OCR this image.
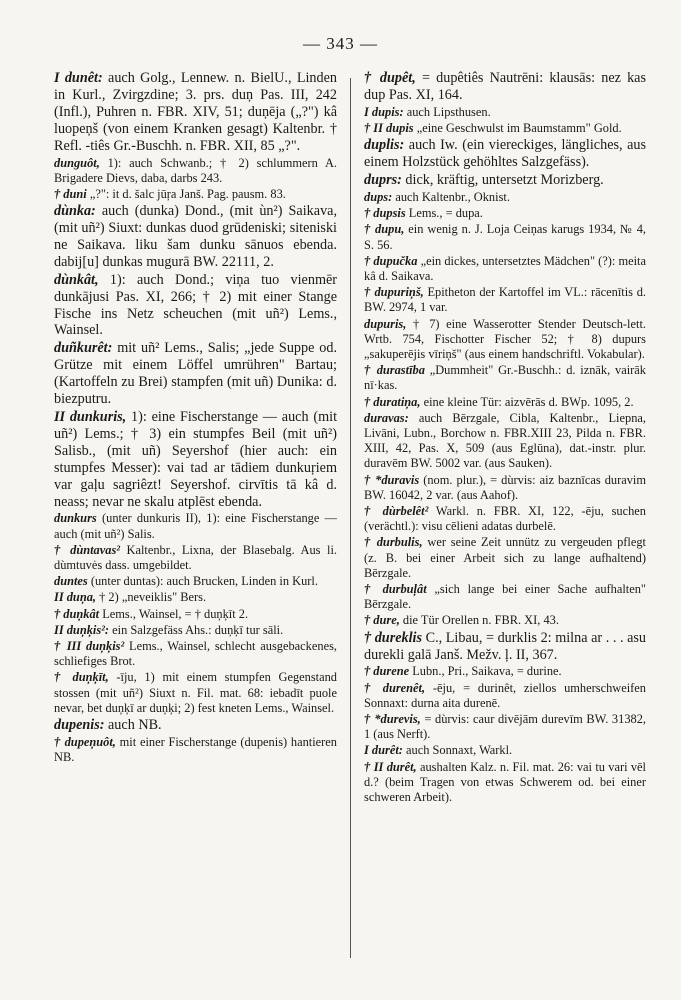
— 343 —

I dunêt: auch Golg., Lennew. n. BielU., Linden in Kurl., Zvirgzdine; 3. prs. duņ Pas. III, 242 (Infl.), Puhren n. FBR. XIV, 51; duņēja („?") kâ luopeņš (von einem Kranken gesagt) Kaltenbr. † Refl. -tiês Gr.-Buschh. n. FBR. XII, 85 „?".

dunguôt, 1): auch Schwanb.; † 2) schlummern A. Brigadere Dievs, daba, darbs 243.

† duni „?": it d. šalc jūŗa Janš. Pag. pausm. 83.

dùnka: auch (dunka) Dond., (mit ùn²) Saikava, (mit uñ²) Siuxt: dunkas duod grūdeniski; siteniski ne Saikava. liku šam dunku sānuos ebenda. dabij[u] dunkas mugurā BW. 22111, 2.

dùnkât, 1): auch Dond.; viņa tuo vienmēr dunkājusi Pas. XI, 266; † 2) mit einer Stange Fische ins Netz scheuchen (mit uñ²) Lems., Wainsel.

duñkurêt: mit uñ² Lems., Salis; „jede Suppe od. Grütze mit einem Löffel umrühren" Bartau; (Kartoffeln zu Brei) stampfen (mit uñ) Dunika: d. biezputru.

II dunkuris, 1): eine Fischerstange — auch (mit uñ²) Lems.; † 3) ein stumpfes Beil (mit uñ²) Salisb., (mit uñ) Seyershof (hier auch: ein stumpfes Messer): vai tad ar tādiem dunkuŗiem var gaļu sagriêzt! Seyershof. cirvītis tā kâ d. neass; nevar ne skalu atplēst ebenda.

dunkurs (unter dunkuris II), 1): eine Fischerstange — auch (mit uñ²) Salis.

† dùntavas² Kaltenbr., Lixna, der Blasebalg. Aus li. dùmtuvės dass. umgebildet.

duntes (unter duntas): auch Brucken, Linden in Kurl.

II duņa, † 2) „neveiklis" Bers.

† duņkât Lems., Wainsel, = † duņķīt 2.

II duņķis²: ein Salzgefäss Ahs.: duņķī tur sāli.

† III duņķis² Lems., Wainsel, schlecht ausgebackenes, schliefiges Brot.

† duņķīt, -īju, 1) mit einem stumpfen Gegenstand stossen (mit uñ²) Siuxt n. Fil. mat. 68: iebadīt puole nevar, bet duņķī ar duņķi; 2) fest kneten Lems., Wainsel.

dupenis: auch NB.

† dupeņuôt, mit einer Fischerstange (dupenis) hantieren NB.

† dupêt, = dupêtiês Nautrēni: klausās: nez kas dup Pas. XI, 164.

I dupis: auch Lipsthusen.

† II dupis „eine Geschwulst im Baumstamm" Gold.

duplis: auch Iw. (ein viereckiges, längliches, aus einem Holzstück gehöhltes Salzgefäss).

duprs: dick, kräftig, untersetzt Morizberg.

dups: auch Kaltenbr., Oknist.

† dupsis Lems., = dupa.

† dupu, ein wenig n. J. Loja Ceiņas karugs 1934, № 4, S. 56.

† dupučka „ein dickes, untersetztes Mädchen" (?): meita kâ d. Saikava.

† dupuriņš, Epitheton der Kartoffel im VL.: rācenītis d. BW. 2974, 1 var.

dupuris, † 7) eine Wasserotter Stender Deutsch-lett. Wrtb. 754, Fischotter Fischer 52; † 8) dupurs „sakuperējis vīriņš" (aus einem handschriftl. Vokabular).

† durastība „Dummheit" Gr.-Buschh.: d. iznāk, vairāk nī·kas.

† duratiņa, eine kleine Tür: aizvērās d. BWp. 1095, 2.

duravas: auch Bērzgale, Cibla, Kaltenbr., Liepna, Livāni, Lubn., Borchow n. FBR.XIII 23, Pilda n. FBR. XIII, 42, Pas. X, 509 (aus Eglūna), dat.-instr. plur. duravēm BW. 5002 var. (aus Sauken).

† *duravis (nom. plur.), = dùrvis: aiz baznīcas duravim BW. 16042, 2 var. (aus Aahof).

† dùrbelêt² Warkl. n. FBR. XI, 122, -ēju, suchen (verächtl.): visu cēlieni adatas durbelē.

† durbulis, wer seine Zeit unnütz zu vergeuden pflegt (z. B. bei einer Arbeit sich zu lange aufhaltend) Bērzgale.

† durbuļât „sich lange bei einer Sache aufhalten" Bērzgale.

† dure, die Tür Orellen n. FBR. XI, 43.

† dureklis C., Libau, = durklis 2: milna ar . . . asu durekli galā Janš. Mežv. ļ. II, 367.

† durene Lubn., Pri., Saikava, = durine.

† durenêt, -ēju, = durinêt, ziellos umherschweifen Sonnaxt: durna aita durenē.

† *durevis, = dùrvis: caur divējām durevīm BW. 31382, 1 (aus Nerft).

I durêt: auch Sonnaxt, Warkl.

† II durêt, aushalten Kalz. n. Fil. mat. 26: vai tu vari vēl d.? (beim Tragen von etwas Schwerem od. bei einer schweren Arbeit).
